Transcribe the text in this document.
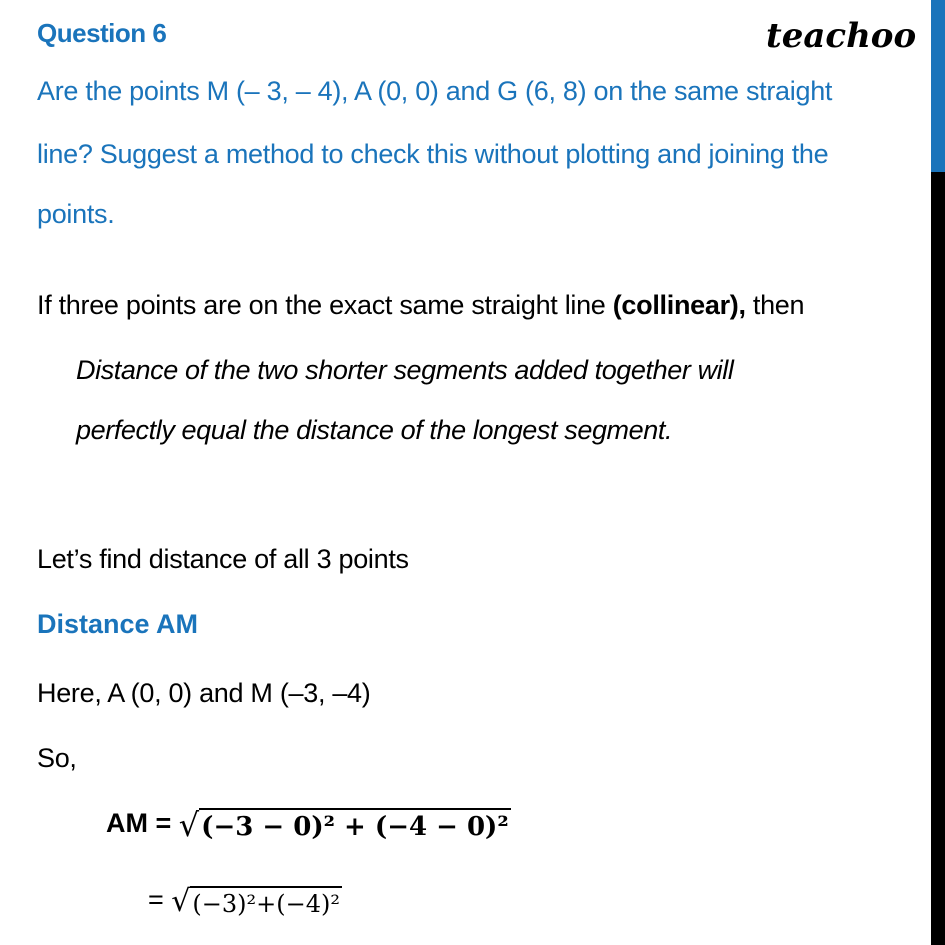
Question 6	teachoo
Are the points M (– 3, – 4), A (0, 0) and G (6, 8) on the same straight
line? Suggest a method to check this without plotting and joining the
points.
If three points are on the exact same straight line (collinear), then
Distance of the two shorter segments added together will
perfectly equal the distance of the longest segment.
Let’s find distance of all 3 points
Distance AM
Here, A (0, 0) and M (–3, –4)
So,
AM = √(−3 − 0)² + (−4 − 0)²
= √(−3)²+(−4)²
